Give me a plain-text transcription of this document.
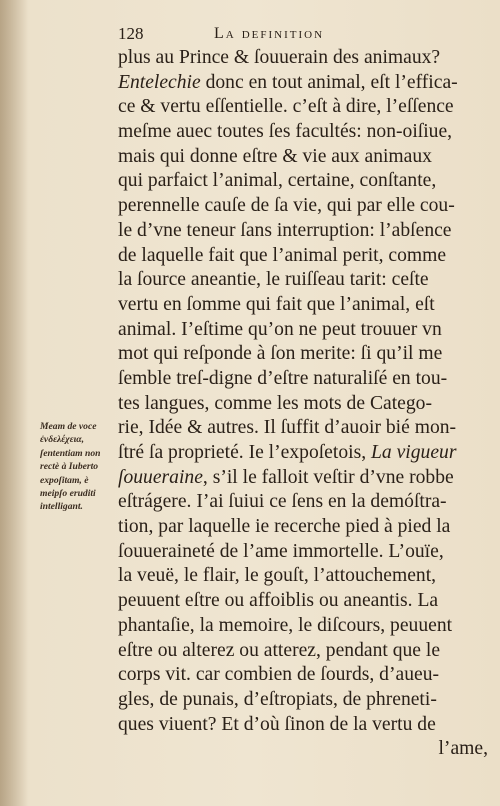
128	La definition
plus au Prince & ſouuerain des animaux?
Entelechie donc en tout animal, eſt l’effica-
ce & vertu eſſentielle. c’eſt à dire, l’eſſence
meſme auec toutes ſes facultés: non-oiſiue,
mais qui donne eſtre & vie aux animaux
qui parfaict l’animal, certaine, conſtante,
perennelle cauſe de ſa vie, qui par elle cou-
le d’vne teneur ſans interruption: l’abſence
de laquelle fait que l’animal perit, comme
la ſource aneantie, le ruiſſeau tarit: ceſte
vertu en ſomme qui fait que l’animal, eſt
animal. I’eſtime qu’on ne peut trouuer vn
mot qui reſponde à ſon merite: ſi qu’il me
ſemble treſ-digne d’eſtre naturaliſé en tou-
tes langues, comme les mots de Catego-
rie, Idée & autres. Il ſuffit d’auoir bié mon-
ſtré ſa proprieté. Ie l’expoſetois, La vigueur
ſouueraine, s’il le falloit veſtir d’vne robbe
eſtrágere. I’ai ſuiui ce ſens en la demóſtra-
tion, par laquelle ie recerche pied à pied la
ſouueraineté de l’ame immortelle. L’ouïe,
la veuë, le flair, le gouſt, l’attouchement,
peuuent eſtre ou affoiblis ou aneantis. La
phantaſie, la memoire, le diſcours, peuuent
eſtre ou alterez ou atterez, pendant que le
corps vit. car combien de ſourds, d’aueu-
gles, de punais, d’eſtropiats, de phreneti-
ques viuent? Et d’où ſinon de la vertu de
l’ame,
Meam de voce
ἐνδελέχεια,
ſententiam non
rectè à Iuberto
expoſitam, è
meipſo eruditi
intelligant.
